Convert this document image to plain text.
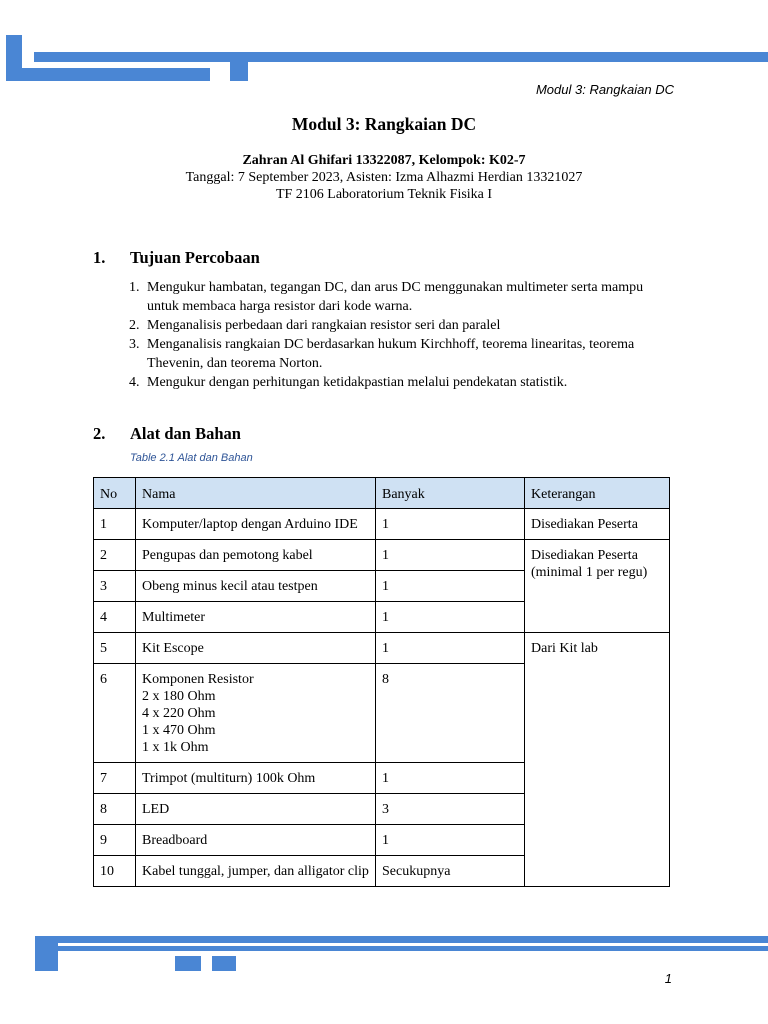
Modul 3: Rangkaian DC
Modul 3: Rangkaian DC
Zahran Al Ghifari 13322087, Kelompok: K02-7
Tanggal: 7 September 2023, Asisten: Izma Alhazmi Herdian 13321027
TF 2106 Laboratorium Teknik Fisika I
1. Tujuan Percobaan
1. Mengukur hambatan, tegangan DC, dan arus DC menggunakan multimeter serta mampu untuk membaca harga resistor dari kode warna.
2. Menganalisis perbedaan dari rangkaian resistor seri dan paralel
3. Menganalisis rangkaian DC berdasarkan hukum Kirchhoff, teorema linearitas, teorema Thevenin, dan teorema Norton.
4. Mengukur dengan perhitungan ketidakpastian melalui pendekatan statistik.
2. Alat dan Bahan
Table 2.1 Alat dan Bahan
No	Nama	Banyak	Keterangan
1	Komputer/laptop dengan Arduino IDE	1	Disediakan Peserta
2	Pengupas dan pemotong kabel	1	Disediakan Peserta (minimal 1 per regu)
3	Obeng minus kecil atau testpen	1	
4	Multimeter	1	
5	Kit Escope	1	Dari Kit lab
6	Komponen Resistor
2 x 180 Ohm
4 x 220 Ohm
1 x 470 Ohm
1 x 1k Ohm	8	
7	Trimpot (multiturn) 100k Ohm	1	
8	LED	3	
9	Breadboard	1	
10	Kabel tunggal, jumper, dan alligator clip	Secukupnya	
1
